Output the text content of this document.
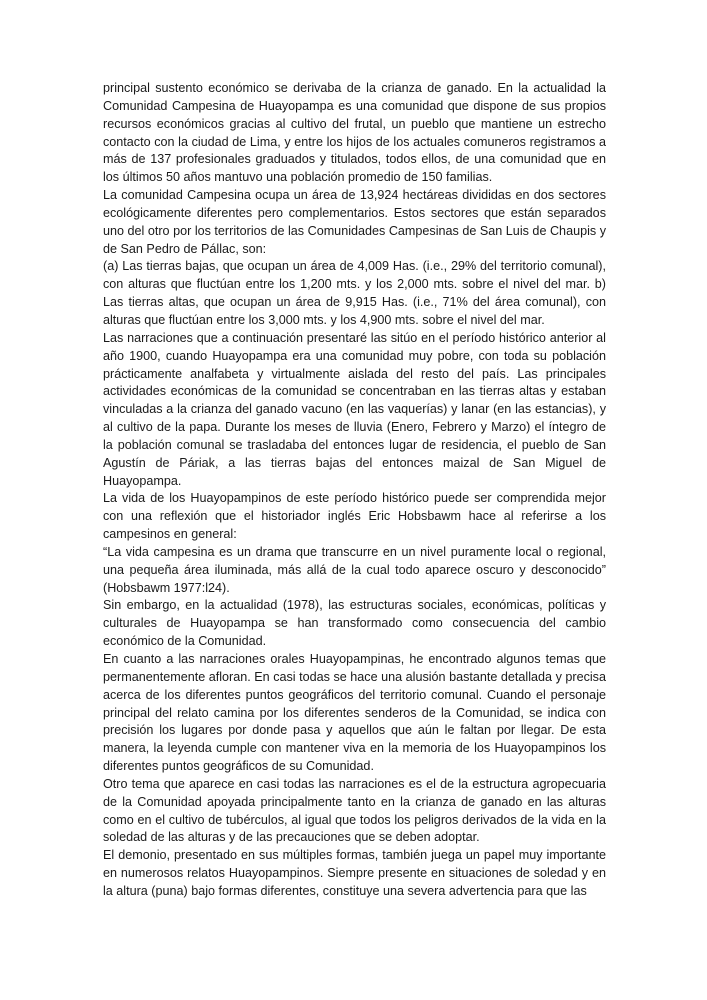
principal sustento económico se derivaba de la crianza de ganado. En la actualidad la Comunidad Campesina de Huayopampa es una comunidad que dispone de sus propios recursos económicos gracias al cultivo del frutal, un pueblo que mantiene un estrecho contacto con la ciudad de Lima, y entre los hijos de los actuales comuneros registramos a más de 137 profesionales graduados y titulados, todos ellos, de una comunidad que en los últimos 50 años mantuvo una población promedio de 150 familias.

La comunidad Campesina ocupa un área de 13,924 hectáreas divididas en dos sectores ecológicamente diferentes pero complementarios. Estos sectores que están separados uno del otro por los territorios de las Comunidades Campesinas de San Luis de Chaupis y de San Pedro de Pállac, son:

(a) Las tierras bajas, que ocupan un área de 4,009 Has. (i.e., 29% del territorio comunal), con alturas que fluctúan entre los 1,200 mts. y los 2,000 mts. sobre el nivel del mar. b) Las tierras altas, que ocupan un área de 9,915 Has. (i.e., 71% del área comunal), con alturas que fluctúan entre los 3,000 mts. y los 4,900 mts. sobre el nivel del mar.

Las narraciones que a continuación presentaré las sitúo en el período histórico anterior al año 1900, cuando Huayopampa era una comunidad muy pobre, con toda su población prácticamente analfabeta y virtualmente aislada del resto del país. Las principales actividades económicas de la comunidad se concentraban en las tierras altas y estaban vinculadas a la crianza del ganado vacuno (en las vaquerías) y lanar (en las estancias), y al cultivo de la papa. Durante los meses de lluvia (Enero, Febrero y Marzo) el íntegro de la población comunal se trasladaba del entonces lugar de residencia, el pueblo de San Agustín de Páriak, a las tierras bajas del entonces maizal de San Miguel de Huayopampa.

La vida de los Huayopampinos de este período histórico puede ser comprendida mejor con una reflexión que el historiador inglés Eric Hobsbawm hace al referirse a los campesinos en general:

“La vida campesina es un drama que transcurre en un nivel puramente local o regional, una pequeña área iluminada, más allá de la cual todo aparece oscuro y desconocido” (Hobsbawm 1977:l24).

Sin embargo, en la actualidad (1978), las estructuras sociales, económicas, políticas y culturales de Huayopampa se han transformado como consecuencia del cambio económico de la Comunidad.

En cuanto a las narraciones orales Huayopampinas, he encontrado algunos temas que permanentemente afloran. En casi todas se hace una alusión bastante detallada y precisa acerca de los diferentes puntos geográficos del territorio comunal. Cuando el personaje principal del relato camina por los diferentes senderos de la Comunidad, se indica con precisión los lugares por donde pasa y aquellos que aún le faltan por llegar. De esta manera, la leyenda cumple con mantener viva en la memoria de los Huayopampinos los diferentes puntos geográficos de su Comunidad.

Otro tema que aparece en casi todas las narraciones es el de la estructura agropecuaria de la Comunidad apoyada principalmente tanto en la crianza de ganado en las alturas como en el cultivo de tubérculos, al igual que todos los peligros derivados de la vida en la soledad de las alturas y de las precauciones que se deben adoptar.

El demonio, presentado en sus múltiples formas, también juega un papel muy importante en numerosos relatos Huayopampinos. Siempre presente en situaciones de soledad y en la altura (puna) bajo formas diferentes, constituye una severa advertencia para que las
